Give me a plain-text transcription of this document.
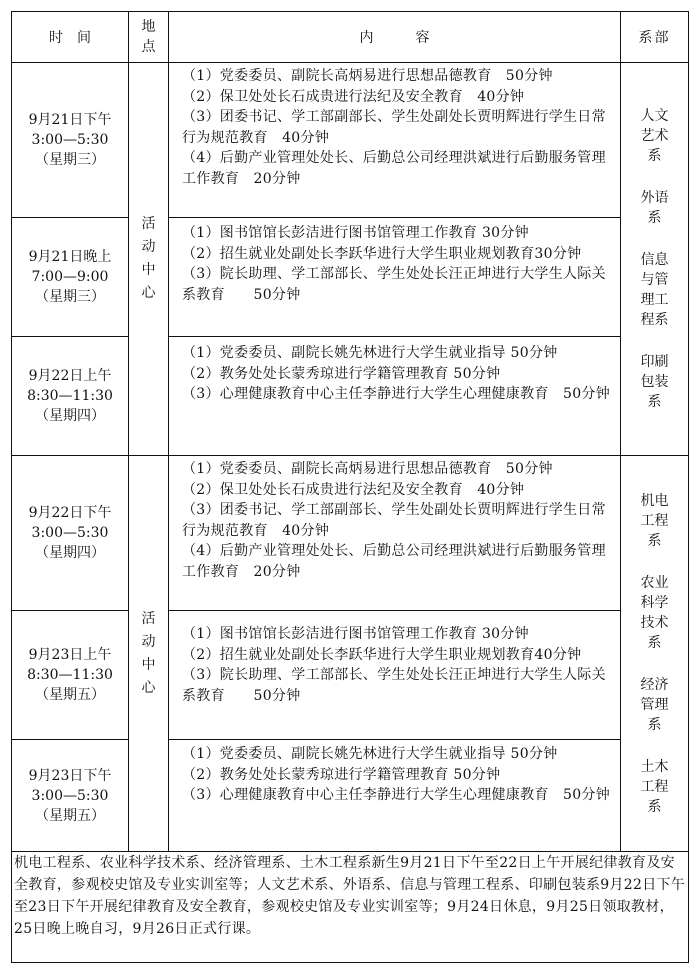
时　间
地
点
内　　　容	系部
9月21日下午
3:00—5:30
（星期三）
9月21日晚上
7:00—9:00
（星期三）
9月22日上午
8:30—11:30
（星期四）
9月22日下午
3:00—5:30
（星期四）
9月23日上午
8:30—11:30
（星期五）
9月23日下午
3:00—5:30
（星期五）
活动中心
活动中心

（1）党委委员、副院长高炳易进行思想品德教育　50分钟

（2）保卫处处长石成贵进行法纪及安全教育　40分钟

（3）团委书记、学工部副部长、学生处副处长贾明辉进行学生日常行为规范教育　40分钟

（4）后勤产业管理处处长、后勤总公司经理洪斌进行后勤服务管理工作教育　20分钟

（1）图书馆馆长彭洁进行图书馆管理工作教育 30分钟

（2）招生就业处副处长李跃华进行大学生职业规划教育30分钟

（3）院长助理、学工部部长、学生处处长汪正坤进行大学生人际关系教育　　50分钟

（1）党委委员、副院长姚先林进行大学生就业指导 50分钟

（2）教务处处长蒙秀琼进行学籍管理教育 50分钟

（3）心理健康教育中心主任李静进行大学生心理健康教育　50分钟

（1）党委委员、副院长高炳易进行思想品德教育　50分钟

（2）保卫处处长石成贵进行法纪及安全教育　40分钟

（3）团委书记、学工部副部长、学生处副处长贾明辉进行学生日常行为规范教育　40分钟

（4）后勤产业管理处处长、后勤总公司经理洪斌进行后勤服务管理工作教育　20分钟

（1）图书馆馆长彭洁进行图书馆管理工作教育 30分钟

（2）招生就业处副处长李跃华进行大学生职业规划教育40分钟

（3）院长助理、学工部部长、学生处处长汪正坤进行大学生人际关系教育　　50分钟

（1）党委委员、副院长姚先林进行大学生就业指导 50分钟

（2）教务处处长蒙秀琼进行学籍管理教育 50分钟

（3）心理健康教育中心主任李静进行大学生心理健康教育　50分钟

人文艺术系
外语系
信息与管理工程系
印刷包装系
机电工程系
农业科学技术系
经济管理系
土木工程系
机电工程系、农业科学技术系、经济管理系、土木工程系新生9月21日下午至22日上午开展纪律教育及安全教育，参观校史馆及专业实训室等；人文艺术系、外语系、信息与管理工程系、印刷包装系9月22日下午至23日下午开展纪律教育及安全教育，参观校史馆及专业实训室等；9月24日休息，9月25日领取教材，25日晚上晚自习，9月26日正式行课。
